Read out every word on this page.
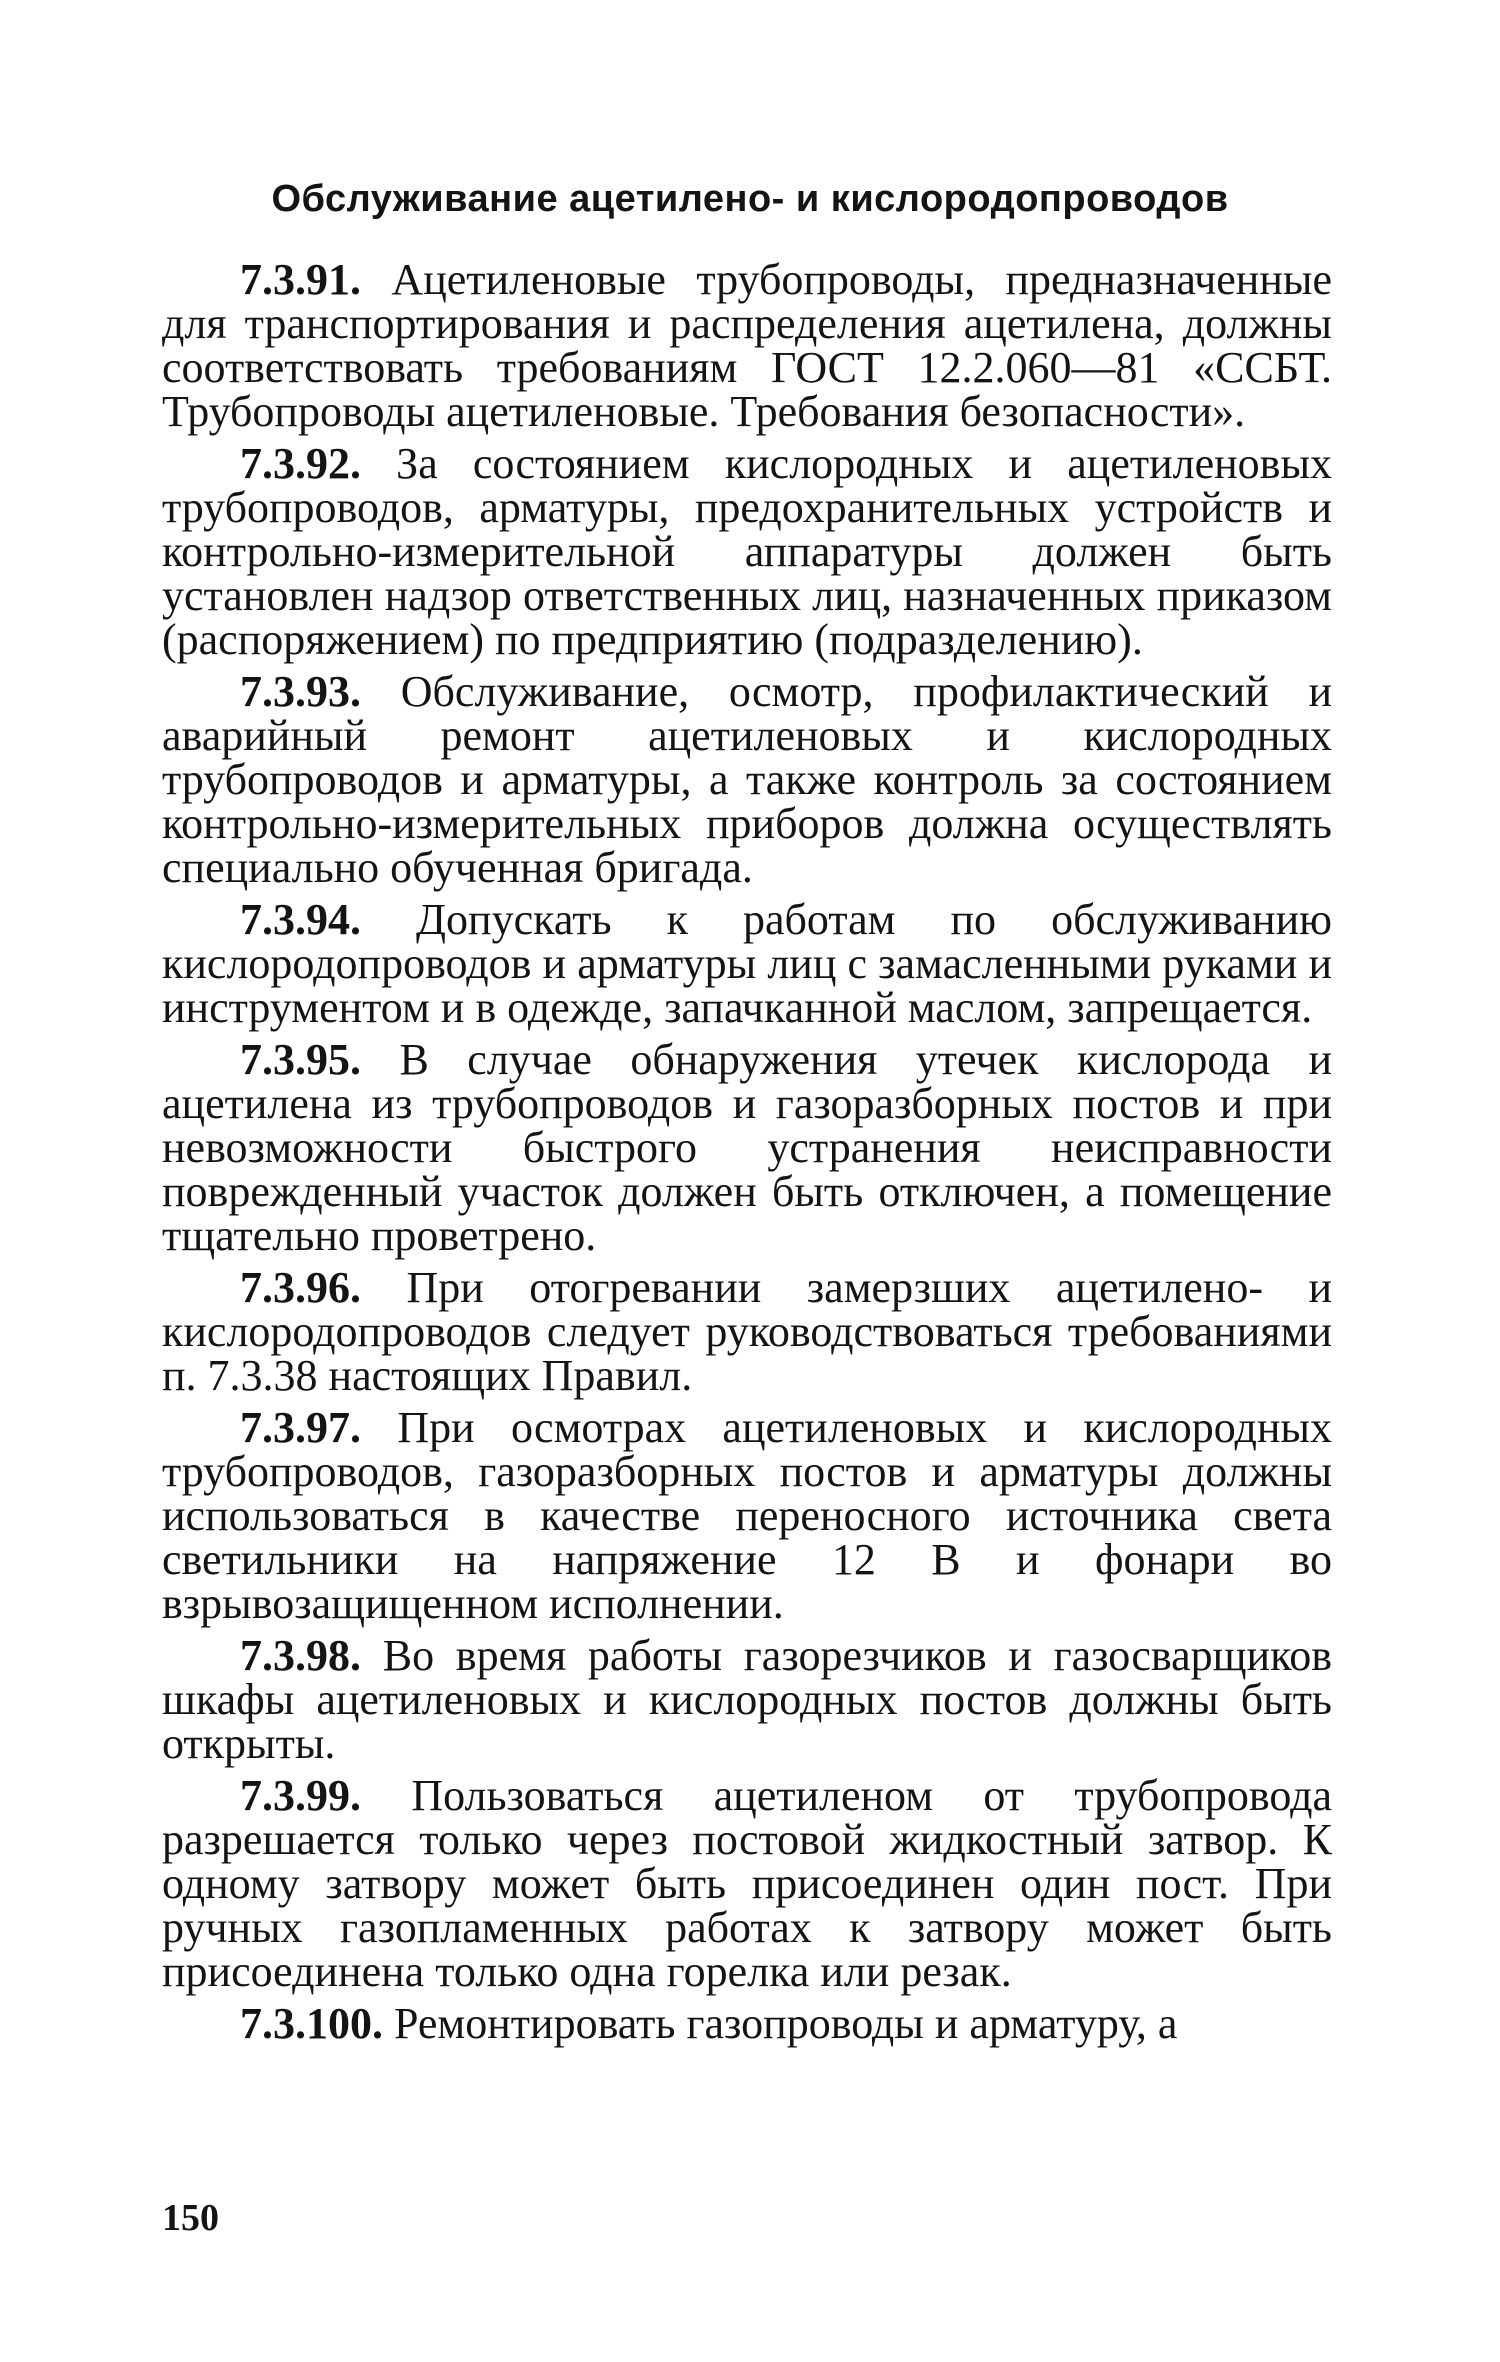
Обслуживание ацетилено- и кислородопроводов

7.3.91. Ацетиленовые трубопроводы, предназначенные для транспортирования и распределения ацетилена, должны соответствовать требованиям ГОСТ 12.2.060—81 «ССБТ. Трубопроводы ацетиленовые. Требования безопасности».

7.3.92. За состоянием кислородных и ацетиленовых трубопроводов, арматуры, предохранительных устройств и контрольно-измерительной аппаратуры должен быть установлен надзор ответственных лиц, назначенных приказом (распоряжением) по предприятию (подразделению).

7.3.93. Обслуживание, осмотр, профилактический и аварийный ремонт ацетиленовых и кислородных трубопроводов и арматуры, а также контроль за состоянием контрольно-измерительных приборов должна осуществлять специально обученная бригада.

7.3.94. Допускать к работам по обслуживанию кислородопроводов и арматуры лиц с замасленными руками и инструментом и в одежде, запачканной маслом, запрещается.

7.3.95. В случае обнаружения утечек кислорода и ацетилена из трубопроводов и газоразборных постов и при невозможности быстрого устранения неисправности поврежденный участок должен быть отключен, а помещение тщательно проветрено.

7.3.96. При отогревании замерзших ацетилено- и кислородопроводов следует руководствоваться требованиями п. 7.3.38 настоящих Правил.

7.3.97. При осмотрах ацетиленовых и кислородных трубопроводов, газоразборных постов и арматуры должны использоваться в качестве переносного источника света светильники на напряжение 12 В и фонари во взрывозащищенном исполнении.

7.3.98. Во время работы газорезчиков и газосварщиков шкафы ацетиленовых и кислородных постов должны быть открыты.

7.3.99. Пользоваться ацетиленом от трубопровода разрешается только через постовой жидкостный затвор. К одному затвору может быть присоединен один пост. При ручных газопламенных работах к затвору может быть присоединена только одна горелка или резак.

7.3.100. Ремонтировать газопроводы и арматуру, а

150
